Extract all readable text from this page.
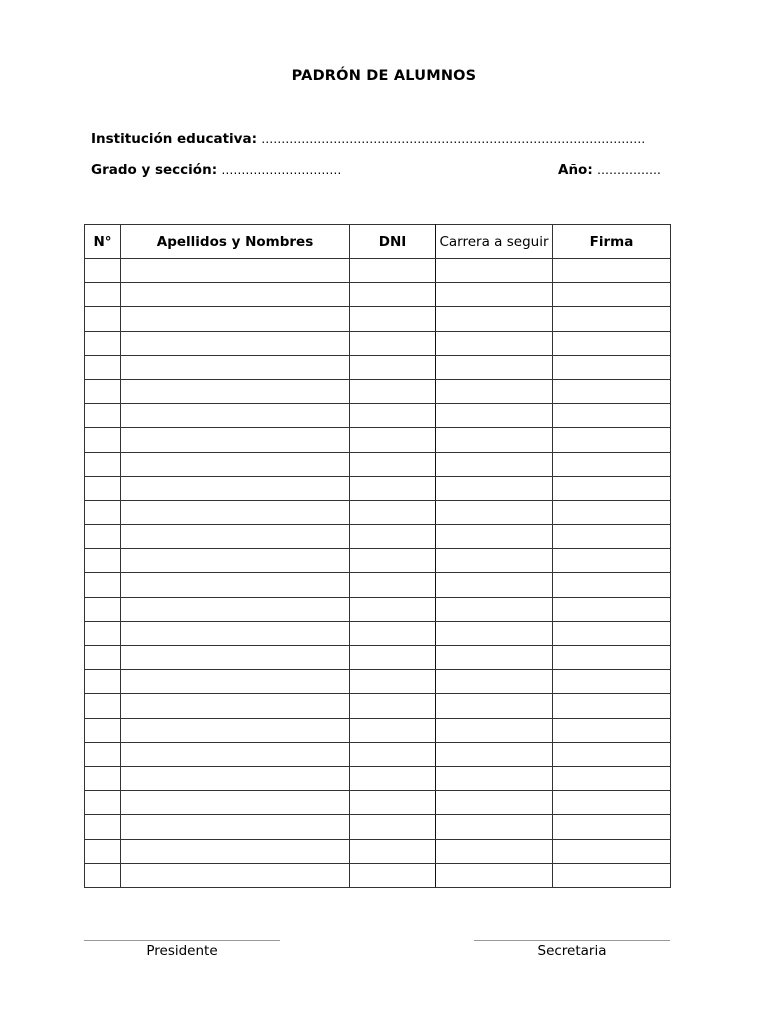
PADRÓN DE ALUMNOS
Institución educativa: ……………………………………………………………………………………
Grado y sección: …………………………	Año: …………….
N°	Apellidos y Nombres	DNI	Carrera a seguir	Firma

Presidente	Secretaria
